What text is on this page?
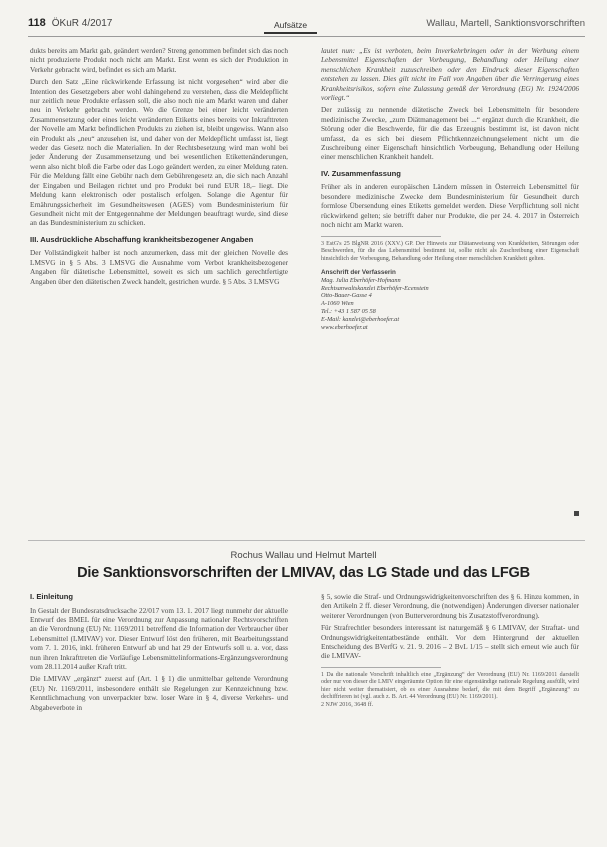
118 ÖKuR 4/2017	Aufsätze	Wallau, Martell, Sanktionsvorschriften

dukts bereits am Markt gab, geändert werden? Streng genommen befindet sich das noch nicht produzierte Produkt noch nicht am Markt. Erst wenn es sich der Produktion in Verkehr gebracht wird, befindet es sich am Markt.

Durch den Satz „Eine rückwirkende Erfassung ist nicht vorgesehen“ wird aber die Intention des Gesetzgebers aber wohl dahingehend zu verstehen, dass die Meldepflicht nur zeitlich neue Produkte erfassen soll, die also noch nie am Markt waren und daher neu in Verkehr gebracht werden. Wo die Grenze bei einer leicht veränderten Zusammensetzung oder eines leicht veränderten Etiketts eines bereits vor Inkrafttreten der Novelle am Markt befindlichen Produkts zu ziehen ist, bleibt ungewiss. Wann also ein Produkt als „neu“ anzusehen ist, und daher von der Meldepflicht umfasst ist, liegt weder das Gesetz noch die Materialien. In der Rechtsbesetzung wird man wohl bei jeder Änderung der Zusammensetzung und bei wesentlichen Etikettenänderungen, wenn also nicht bloß die Farbe oder das Logo geändert werden, zu einer Meldung raten. Für die Meldung fällt eine Gebühr nach dem Gebührengesetz an, die sich nach Anzahl der Eingaben und Beilagen richtet und pro Produkt bei rund EUR 18,– liegt. Die Meldung kann elektronisch oder postalisch erfolgen. Solange die Agentur für Ernährungssicherheit im Gesundheitswesen (AGES) vom Bundesministerium für Gesundheit nicht mit der Entgegennahme der Meldungen beauftragt wurde, sind diese an das Bundesministerium zu schicken.

III. Ausdrückliche Abschaffung krankheitsbezogener Angaben

Der Vollständigkeit halber ist noch anzumerken, dass mit der gleichen Novelle des LMSVG in § 5 Abs. 3 LMSVG die Ausnahme vom Verbot krankheitsbezogener Angaben für diätetische Lebensmittel, soweit es sich um sachlich gerechtfertigte Angaben über den diätetischen Zweck handelt, gestrichen wurde. § 5 Abs. 3 LMSVG

lautet nun: „Es ist verboten, beim Inverkehrbringen oder in der Werbung einem Lebensmittel Eigenschaften der Vorbeugung, Behandlung oder Heilung einer menschlichen Krankheit zuzuschreiben oder den Eindruck dieser Eigenschaften entstehen zu lassen. Dies gilt nicht im Fall von Angaben über die Verringerung eines Krankheitsrisikos, sofern eine Zulassung gemäß der Verordnung (EG) Nr. 1924/2006 vorliegt.“

Der zulässig zu nennende diätetische Zweck bei Lebensmitteln für besondere medizinische Zwecke, „zum Diätmanagement bei ...“ ergänzt durch die Krankheit, die Störung oder die Beschwerde, für die das Erzeugnis bestimmt ist, ist davon nicht umfasst, da es sich bei diesem Pflichtkennzeichnungselement nicht um die Zuschreibung einer Eigenschaft hinsichtlich Vorbeugung, Behandlung oder Heilung einer menschlichen Krankheit handelt.

IV. Zusammenfassung

Früher als in anderen europäischen Ländern müssen in Österreich Lebensmittel für besondere medizinische Zwecke dem Bundesministerium für Gesundheit durch formlose Übersendung eines Etiketts gemeldet werden. Diese Verpflichtung soll nicht rückwirkend gelten; sie betrifft daher nur Produkte, die per 24. 4. 2017 in Österreich noch nicht am Markt waren.

3 EstG's 25 BlgNR 2016 (XXV.) GP. Der Hinweis zur Diätanweisung von Krankheiten, Störungen oder Beschwerden, für die das Lebensmittel bestimmt ist, sollte nicht als Zuschreibung einer Eigenschaft hinsichtlich der Vorbeugung, Behandlung oder Heilung einer menschlichen Krankheit gelten.
Anschrift der Verfasserin
Mag. Julia Eberhöfer-Hofmann
Rechtsanwaltskanzlei Eberhöfer-Ecenstein
Otto-Bauer-Gasse 4
A-1060 Wien
Tel.: +43 1 587 05 58
E-Mail: kanzlei@eberhoefer.at
www.eberhoefer.at
Rochus Wallau und Helmut Martell
Die Sanktionsvorschriften der LMIVAV, das LG Stade und das LFGB
I. Einleitung

In Gestalt der Bundesratsdrucksache 22/017 vom 13. 1. 2017 liegt nunmehr der aktuelle Entwurf des BMEL für eine Verordnung zur Anpassung nationaler Rechtsvorschriften an die Verordnung (EU) Nr. 1169/2011 betreffend die Information der Verbraucher über Lebensmittel (LMIVAV) vor. Dieser Entwurf löst den früheren, mit Bearbeitungsstand vom 7. 1. 2016, inkl. früheren Entwurf ab und hat 29 der Entwurfs soll u. a. vor, dass nun ihren Inkrafttreten die Vorläufige Lebensmittelinformations-Ergänzungsverordnung vom 28.11.2014 außer Kraft tritt.

Die LMIVAV „ergänzt“ zuerst auf (Art. 1 § 1) die unmittelbar geltende Verordnung (EU) Nr. 1169/2011, insbesondere enthält sie Regelungen zur Kennzeichnung bzw. Kenntlichmachung von unverpackter bzw. loser Ware in § 4, diverse Verkehrs- und Abgabeverbote in

§ 5, sowie die Straf- und Ordnungswidrigkeitenvorschriften des § 6. Hinzu kommen, in den Artikeln 2 ff. dieser Verordnung, die (notwendigen) Änderungen diverser nationaler weiterer Verordnungen (von Butterverordnung bis Zusatzstoffverordnung).

Für Strafrechtler besonders interessant ist naturgemäß § 6 LMIVAV, der Straftat- und Ordnungswidrigkeitentatbestände enthält. Vor dem Hintergrund der aktuellen Entscheidung des BVerfG v. 21. 9. 2016 – 2 BvL 1/15 – stellt sich erneut wie auch für die LMIVAV-

1 Da die nationale Vorschrift inhaltlich eine „Ergänzung“ der Verordnung (EU) Nr. 1169/2011 darstellt oder nur von dieser die LMIV eingeräumte Option für eine eigenständige nationale Regelung ausfüllt, wird hier nicht weiter thematisiert, ob es einer Ausnahme bedarf, die mit dem Begriff „Ergänzung“ zu dechiffrieren ist (vgl. auch z. B. Art. 44 Verordnung (EU) Nr. 1169/2011).
2 NJW 2016, 3648 ff.
